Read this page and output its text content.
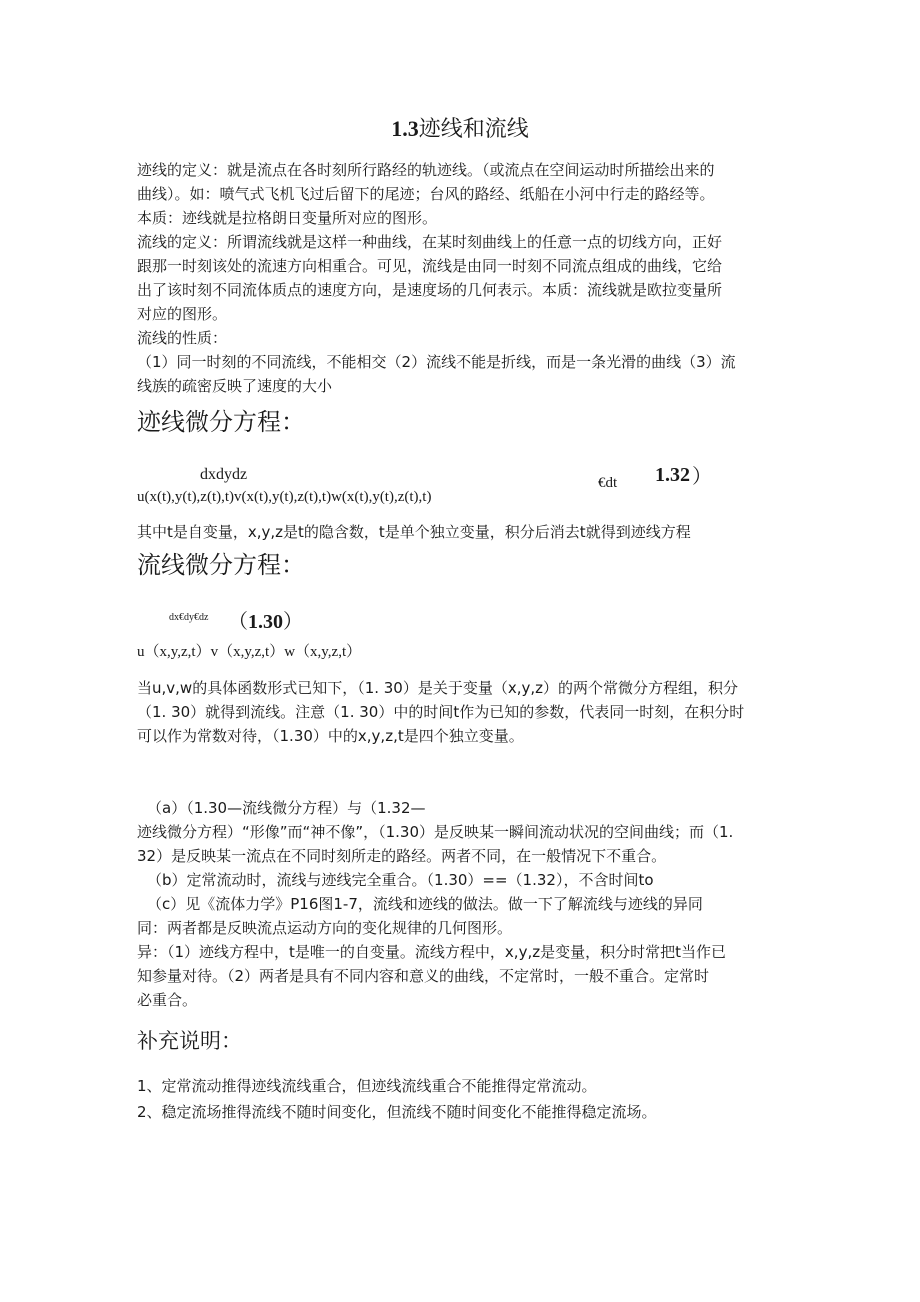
1.3迹线和流线
迹线的定义：就是流点在各时刻所行路经的轨迹线。（或流点在空间运动时所描绘出来的
曲线）。如：喷气式飞机飞过后留下的尾迹；台风的路经、纸船在小河中行走的路经等。
本质：迹线就是拉格朗日变量所对应的图形。
流线的定义：所谓流线就是这样一种曲线，在某时刻曲线上的任意一点的切线方向，正好
跟那一时刻该处的流速方向相重合。可见，流线是由同一时刻不同流点组成的曲线，它给
出了该时刻不同流体质点的速度方向，是速度场的几何表示。本质：流线就是欧拉变量所
对应的图形。
流线的性质：
（1）同一时刻的不同流线，不能相交（2）流线不能是折线，而是一条光滑的曲线（3）流
线族的疏密反映了速度的大小
迹线微分方程：
dxdydz
u(x(t),y(t),z(t),t)v(x(t),y(t),z(t),t)w(x(t),y(t),z(t),t)
€dt 1.32 ）
其中t是自变量，x,y,z是t的隐含数，t是单个独立变量，积分后消去t就得到迹线方程
流线微分方程：
dx€dy€dz （1.30）
u（x,y,z,t）v（x,y,z,t）w（x,y,z,t）
当u,v,w的具体函数形式已知下，（1. 30）是关于变量（x,y,z）的两个常微分方程组，积分
（1. 30）就得到流线。注意（1. 30）中的时间t作为已知的参数，代表同一时刻，在积分时
可以作为常数对待，（1.30）中的x,y,z,t是四个独立变量。
（a）（1.30—流线微分方程）与（1.32—
迹线微分方程）“形像”而“神不像”，（1.30）是反映某一瞬间流动状况的空间曲线；而（1.
32）是反映某一流点在不同时刻所走的路经。两者不同，在一般情况下不重合。
（b）定常流动时，流线与迹线完全重合。（1.30）==（1.32），不含时间to
（c）见《流体力学》P16图1-7，流线和迹线的做法。做一下了解流线与迹线的异同
同：两者都是反映流点运动方向的变化规律的几何图形。
异：（1）迹线方程中，t是唯一的自变量。流线方程中，x,y,z是变量，积分时常把t当作已
知参量对待。（2）两者是具有不同内容和意义的曲线，不定常时，一般不重合。定常时
必重合。
补充说明：
1、定常流动推得迹线流线重合，但迹线流线重合不能推得定常流动。
2、稳定流场推得流线不随时间变化，但流线不随时间变化不能推得稳定流场。
